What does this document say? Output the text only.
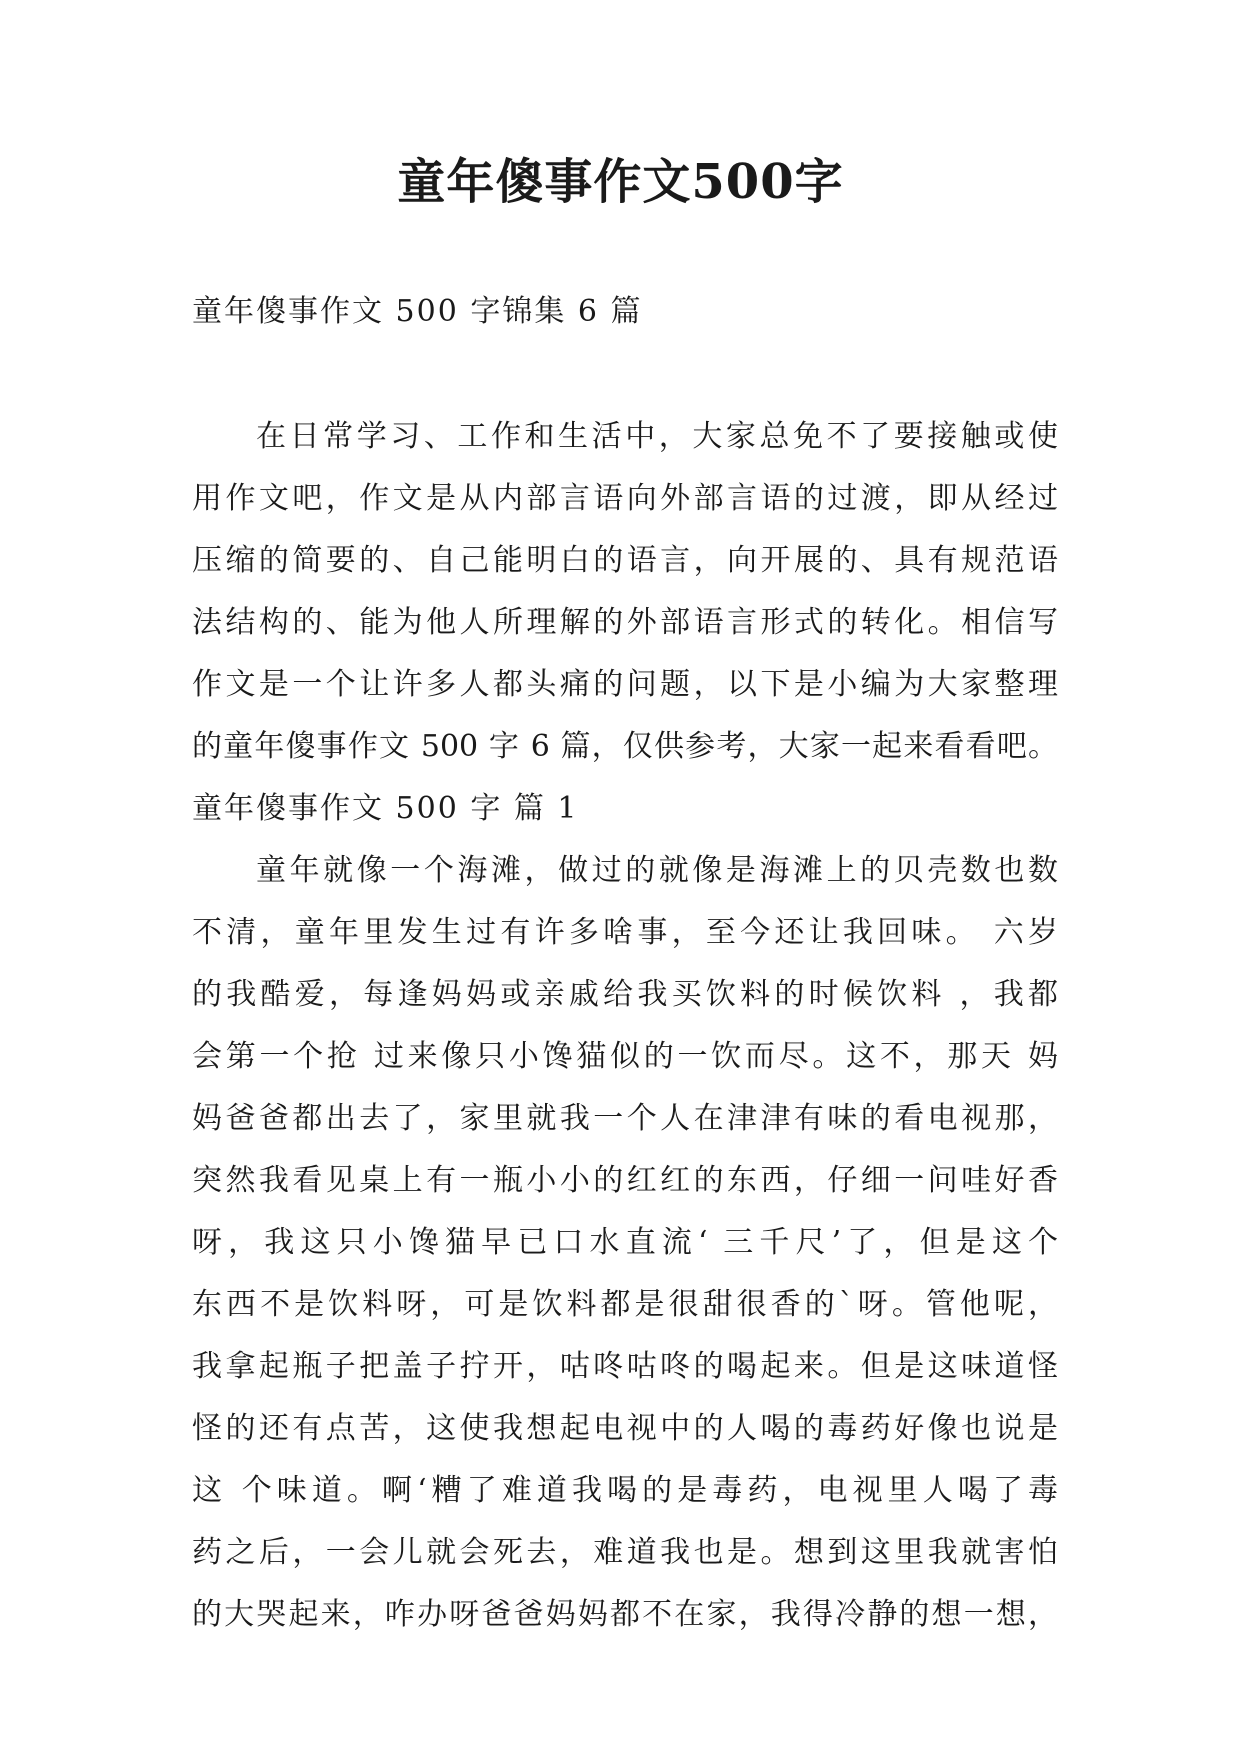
童年傻事作文500字
童年傻事作文 500 字锦集 6 篇
在日常学习、工作和生活中，大家总免不了要接触或使
用作文吧，作文是从内部言语向外部言语的过渡，即从经过
压缩的简要的、自己能明白的语言，向开展的、具有规范语
法结构的、能为他人所理解的外部语言形式的转化。相信写
作文是一个让许多人都头痛的问题，以下是小编为大家整理
的童年傻事作文 500 字 6 篇，仅供参考，大家一起来看看吧。
童年傻事作文 500 字 篇 1
童年就像一个海滩，做过的就像是海滩上的贝壳数也数
不清，童年里发生过有许多啥事，至今还让我回味。 六岁
的我酷爱，每逢妈妈或亲戚给我买饮料的时候饮料 ，我都
会第一个抢 过来像只小馋猫似的一饮而尽。这不，那天 妈
妈爸爸都出去了，家里就我一个人在津津有味的看电视那，
突然我看见桌上有一瓶小小的红红的东西，仔细一问哇好香
呀，我这只小馋猫早已口水直流‘ 三千尺’了，但是这个
东西不是饮料呀，可是饮料都是很甜很香的`呀。管他呢，
我拿起瓶子把盖子拧开，咕咚咕咚的喝起来。但是这味道怪
怪的还有点苦，这使我想起电视中的人喝的毒药好像也说是
这 个味道。啊‘糟了难道我喝的是毒药，电视里人喝了毒
药之后，一会儿就会死去，难道我也是。想到这里我就害怕
的大哭起来，咋办呀爸爸妈妈都不在家，我得冷静的想一想，
